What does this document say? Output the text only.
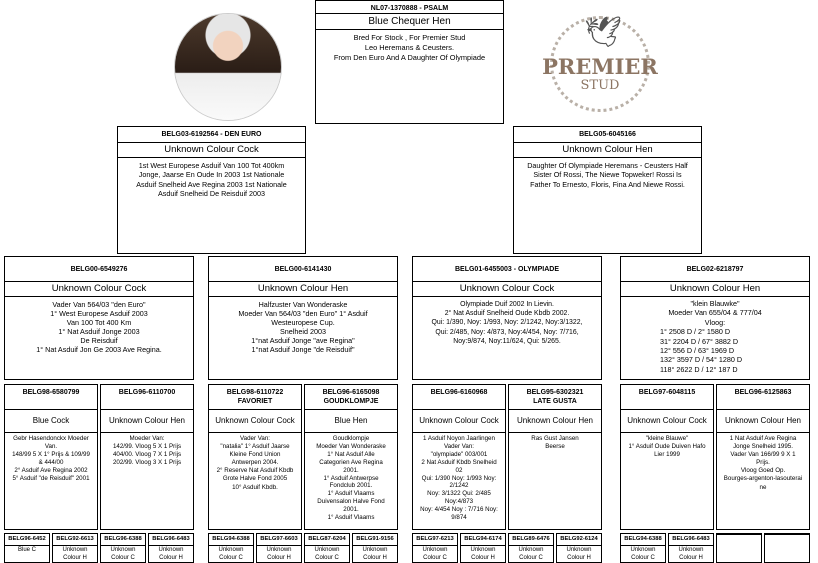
🕊
PREMIER
STUD
NL07-1370888 - PSALM
Blue Chequer Hen
Bred For Stock , For Premier Stud
Leo Heremans & Ceusters.
From Den Euro And A Daughter Of Olympiade
BELG03-6192564 - DEN EURO
Unknown Colour Cock
1st West Europese Asduif Van 100 Tot 400km
Jonge, Jaarse En Oude In 2003 1st Nationale
Asduif Snelheid Ave Regina 2003 1st Nationale
Asduif Snelheid De Reisduif 2003
BELG05-6045166
Unknown Colour Hen
Daughter Of Olympiade Heremans - Ceusters Half
Sister Of Rossi, The Niewe Topweker! Rossi Is
Father To Ernesto, Floris, Fina And Niewe Rossi.
BELG00-6549276
Unknown Colour Cock
Vader Van 564/03 "den Euro"
1° West Europese Asduif 2003
Van 100 Tot 400 Km
1° Nat Asduif Jonge 2003
De Reisduif
1° Nat Asduif Jon Ge 2003 Ave Regina.
BELG00-6141430
Unknown Colour Hen
Halfzuster Van Wonderaske
Moeder Van 564/03 "den Euro" 1° Asduif
Westeuropese Cup.
Snelheid 2003
1°nat Asduif Jonge "ave Regina"
1°nat Asduif Jonge "de Reisduif"
BELG01-6455003 - OLYMPIADE
Unknown Colour Cock
Olympiade Duif 2002 In Lievin.
2° Nat Asduif Snelheid Oude Kbdb 2002.
Qui: 1/390, Noy: 1/993, Noy: 2/1242, Noy:3/1322,
Qui: 2/485, Noy: 4/873, Noy:4/454, Noy: 7/716,
Noy:9/874, Noy:11/624, Qui: 5/265.
BELG02-6218797
Unknown Colour Hen
"klein Blauwke"
Moeder Van 655/04 & 777/04
Vloog:
1° 2508 D / 2° 1580 D
31° 2204 D / 67° 3882 D
12° 556 D / 63° 1969 D
132° 3597 D / 54° 1280 D
118° 2622 D / 12° 187 D
BELG98-6580799
Blue Cock
Gebr Hasendonckx Moeder
Van.
148/99 5 X 1° Prijs & 109/99
& 444/00
2° Asduif Ave Regina 2002
5° Asduif "de Reisduif" 2001
BELG96-6110700
Unknown Colour Hen
Moeder Van:
142/99. Vloog 5 X 1 Prijs
404/00. Vloog 7 X 1 Prijs
202/99. Vloog 3 X 1 Prijs
BELG98-6110722
FAVORIET
Unknown Colour Cock
Vader Van:
"natalia" 1° Asduif Jaarse
Kleine Fond Union
Antwerpen 2004.
2° Reserve Nat Asduif Kbdb
Grote Halve Fond 2005
10° Asduif Kbdb.
BELG96-6165098
GOUDKLOMPJE
Blue Hen
Goudklompje
Moeder Van Wonderaske
1° Nat Asduif Alle
Categorien Ave Regina
2001.
1° Asduif Antwerpse
Fondclub 2001.
1° Asduif Vlaams
Duivensalon Halve Fond
2001.
1° Asduif Vlaams
BELG96-6160968
Unknown Colour Cock
1 Asduif Noyon Jaarlingen
Vader Van:
"olympiade" 003/001
2 Nat Asduif Kbdb Snelheid
02
Qui: 1/390 Noy: 1/993 Noy:
2/1242
Noy: 3/1322 Qui: 2/485
Noy:4/873
Noy: 4/454 Noy : 7/716 Noy:
9/874
BELG95-6302321
LATE GUSTA
Unknown Colour Hen
Ras Gust Jansen
Beerse
BELG97-6048115
Unknown Colour Cock
"kleine Blauwe"
1° Asduif Oude Duiven Hafo
Lier 1999
BELG96-6125863
Unknown Colour Hen
1 Nat Asduif Ave Regina
Jonge Snelheid 1995.
Vader Van 166/99 9 X 1
Prijs.
Vloog Goed Op.
Bourges-argenton-lasouterai
ne
BELG96-6452
Blue C
BELG92-6613
Unknown
Colour H
BELG96-6388
Unknown
Colour C
BELG96-6483
Unknown
Colour H
BELG94-6388
Unknown
Colour C
BELG97-6603
Unknown
Colour H
BELG87-6204
Unknown
Colour C
BELG91-9156
Unknown
Colour H
BELG97-6213
Unknown
Colour C
BELG94-6174
Unknown
Colour H
BELG89-6476
Unknown
Colour C
BELG92-6124
Unknown
Colour H
BELG94-6388
Unknown
Colour C
BELG96-6483
Unknown
Colour H
